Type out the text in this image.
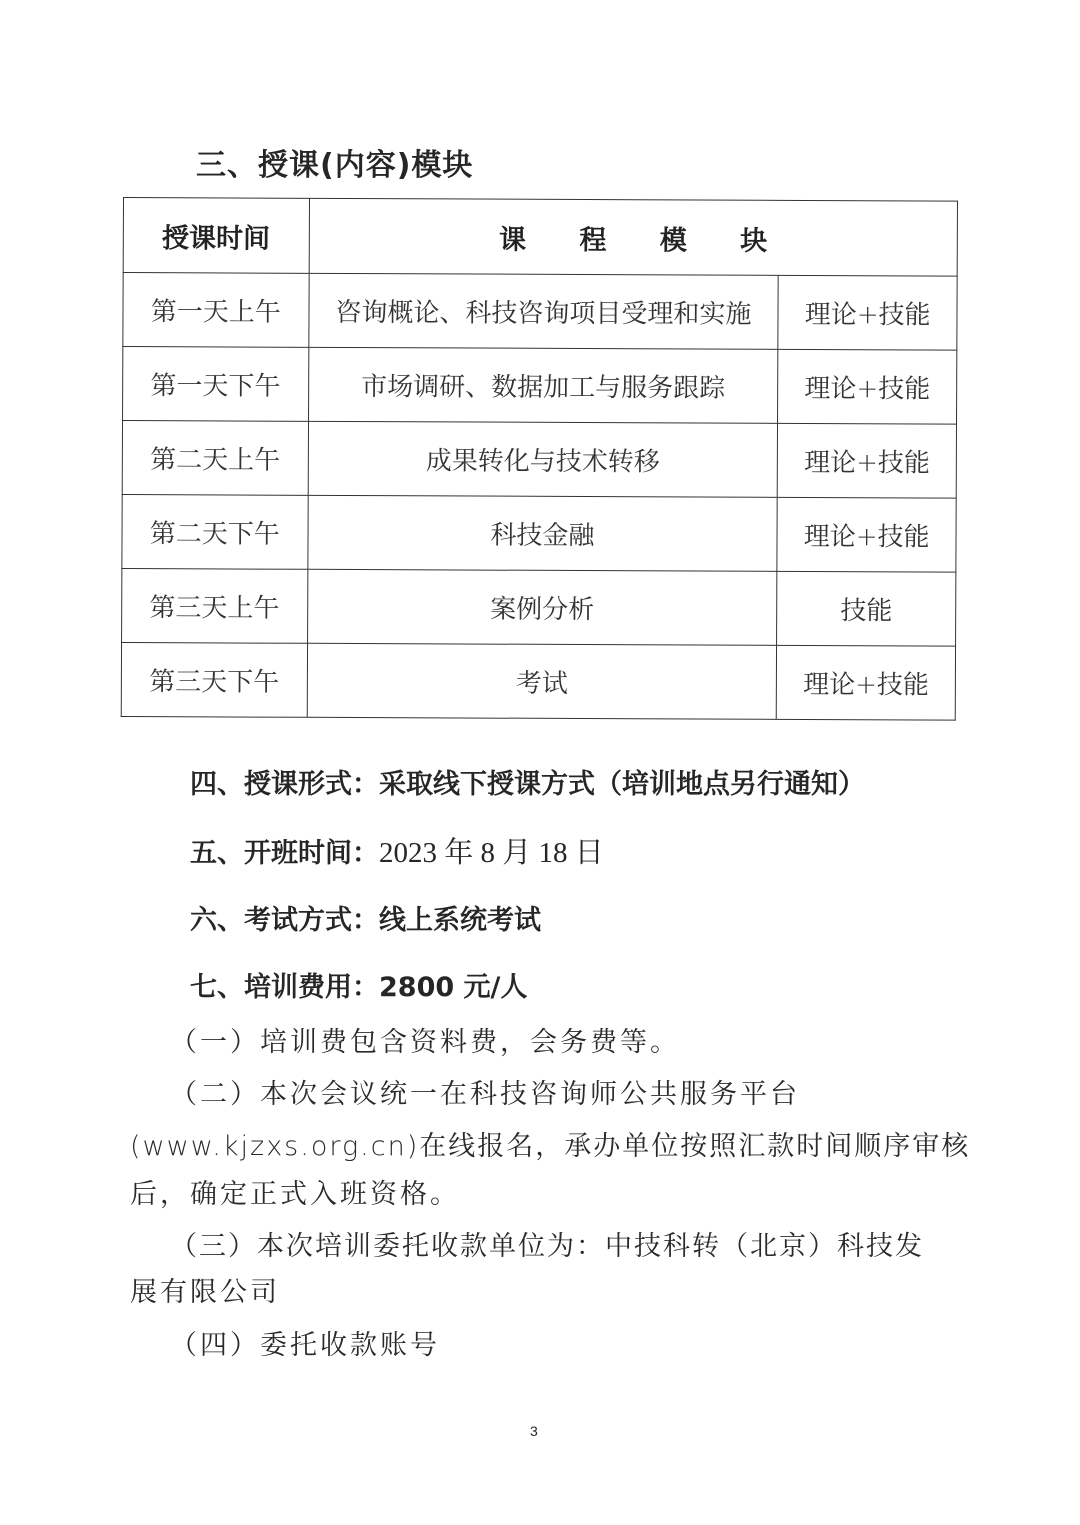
三、授课(内容)模块
授课时间	课 程 模 块	
第一天上午	咨询概论、科技咨询项目受理和实施	理论+技能
第一天下午	市场调研、数据加工与服务跟踪	理论+技能
第二天上午	成果转化与技术转移	理论+技能
第二天下午	科技金融	理论+技能
第三天上午	案例分析	技能
第三天下午	考试	理论+技能
四、授课形式：采取线下授课方式（培训地点另行通知）
五、开班时间：2023 年 8 月 18 日
六、考试方式：线上系统考试
七、培训费用：2800 元/人
（一）培训费包含资料费，会务费等。
（二）本次会议统一在科技咨询师公共服务平台
(www.kjzxs.org.cn)在线报名，承办单位按照汇款时间顺序审核
后，确定正式入班资格。
（三）本次培训委托收款单位为：中技科转（北京）科技发
展有限公司
（四）委托收款账号
3
